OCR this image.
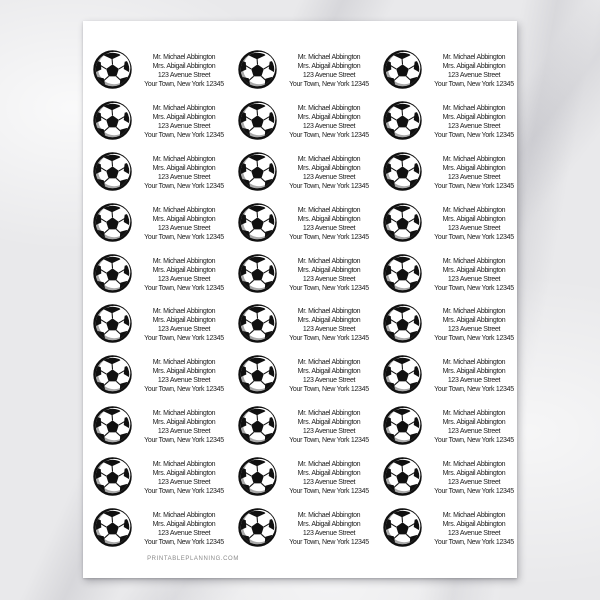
Mr. Michael Abbington
Mrs. Abigail Abbington
123 Avenue Street
Your Town, New York 12345
Mr. Michael Abbington
Mrs. Abigail Abbington
123 Avenue Street
Your Town, New York 12345
Mr. Michael Abbington
Mrs. Abigail Abbington
123 Avenue Street
Your Town, New York 12345
Mr. Michael Abbington
Mrs. Abigail Abbington
123 Avenue Street
Your Town, New York 12345
Mr. Michael Abbington
Mrs. Abigail Abbington
123 Avenue Street
Your Town, New York 12345
Mr. Michael Abbington
Mrs. Abigail Abbington
123 Avenue Street
Your Town, New York 12345
Mr. Michael Abbington
Mrs. Abigail Abbington
123 Avenue Street
Your Town, New York 12345
Mr. Michael Abbington
Mrs. Abigail Abbington
123 Avenue Street
Your Town, New York 12345
Mr. Michael Abbington
Mrs. Abigail Abbington
123 Avenue Street
Your Town, New York 12345
Mr. Michael Abbington
Mrs. Abigail Abbington
123 Avenue Street
Your Town, New York 12345
Mr. Michael Abbington
Mrs. Abigail Abbington
123 Avenue Street
Your Town, New York 12345
Mr. Michael Abbington
Mrs. Abigail Abbington
123 Avenue Street
Your Town, New York 12345
Mr. Michael Abbington
Mrs. Abigail Abbington
123 Avenue Street
Your Town, New York 12345
Mr. Michael Abbington
Mrs. Abigail Abbington
123 Avenue Street
Your Town, New York 12345
Mr. Michael Abbington
Mrs. Abigail Abbington
123 Avenue Street
Your Town, New York 12345
Mr. Michael Abbington
Mrs. Abigail Abbington
123 Avenue Street
Your Town, New York 12345
Mr. Michael Abbington
Mrs. Abigail Abbington
123 Avenue Street
Your Town, New York 12345
Mr. Michael Abbington
Mrs. Abigail Abbington
123 Avenue Street
Your Town, New York 12345
Mr. Michael Abbington
Mrs. Abigail Abbington
123 Avenue Street
Your Town, New York 12345
Mr. Michael Abbington
Mrs. Abigail Abbington
123 Avenue Street
Your Town, New York 12345
Mr. Michael Abbington
Mrs. Abigail Abbington
123 Avenue Street
Your Town, New York 12345
Mr. Michael Abbington
Mrs. Abigail Abbington
123 Avenue Street
Your Town, New York 12345
Mr. Michael Abbington
Mrs. Abigail Abbington
123 Avenue Street
Your Town, New York 12345
Mr. Michael Abbington
Mrs. Abigail Abbington
123 Avenue Street
Your Town, New York 12345
Mr. Michael Abbington
Mrs. Abigail Abbington
123 Avenue Street
Your Town, New York 12345
Mr. Michael Abbington
Mrs. Abigail Abbington
123 Avenue Street
Your Town, New York 12345
Mr. Michael Abbington
Mrs. Abigail Abbington
123 Avenue Street
Your Town, New York 12345
Mr. Michael Abbington
Mrs. Abigail Abbington
123 Avenue Street
Your Town, New York 12345
Mr. Michael Abbington
Mrs. Abigail Abbington
123 Avenue Street
Your Town, New York 12345
Mr. Michael Abbington
Mrs. Abigail Abbington
123 Avenue Street
Your Town, New York 12345
PRINTABLEPLANNING.COM
